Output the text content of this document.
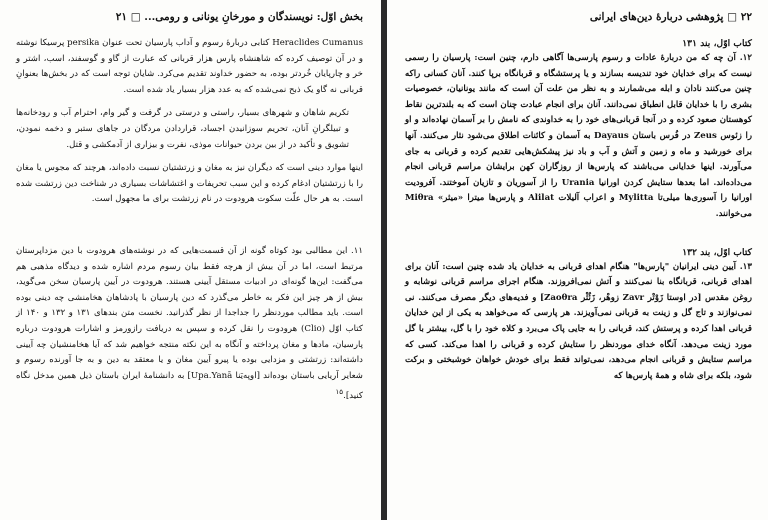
بخش اوّل: نویسندگان و مورخانِ یونانی و رومی... □ ۲۱

Heraclides Cumanus کتابی دربارهٔ رسوم و آداب پارسیان تحت عنوان persika پرسیکا نوشته و در آن توصیف کرده که شاهنشاه پارس هزار قربانی که عبارت از گاو و گوسفند، اسب، اشتر و خر و چارپایان خُردتر بوده، به حضور خداوند تقدیم می‌کرد. شایان توجه است که در بخش‌ها بعنوانِ قربانی نه گاو یک ذبح نمی‌شده که به عدد هزار بسیار یاد شده است.

تکریم شاهان و شهرهای بسیار، راستی و درستی در گرفت و گیر وام، احترام آب و رودخانه‌ها و تبیلگرانِ آنان، تحریم سوزانیدن اجساد، قراردادن مردگان در جاهای ستبر و دخمه نمودن، تشویق و تأکید در از بین بردن حیوانات موذی، نفرت و بیزاری از آدمکشی و قتل.

اینها موارد دینی است که دیگران نیز به مغان و زرتشتیان نسبت داده‌اند، هرچند که مجوس یا مغان را با زرتشتیان ادغام کرده و این سبب تحریفات و اغتشاشات بسیاری در شناخت دین زرتشت شده است. به هر حال علّت سکوت هرودوت در نام زرتشت برای ما مجهول است.

۱۱. این مطالبی بود کوتاه گونه از آن قسمت‌هایی که در نوشته‌های هرودوت با دین مزداپرستان مرتبط است، اما در آن بیش از هرچه فقط بیان رسوم مردم اشاره شده و دیدگاه مذهبی هم می‌گفت: این‌ها گونه‌ای در ادبیات مستقل آیینی هستند. هرودوت در آیین پارسیان سخن می‌گوید، بیش از هر چیز این فکر به خاطر می‌گذرد که دین پارسیان با پادشاهان هخامنشی چه دینی بوده است. باید مطالب موردنظر را جداجدا از نظر گذرانید. نخست متن بندهای ۱۳۱ و ۱۳۲ و ۱۴۰ از کتاب اوّل (Clio) هرودوت را نقل کرده و سپس به دریافت رازورمز و اشارات هرودوت درباره پارسیان، مادها و مغان پرداخته و آنگاه به این نکته منتجه خواهیم شد که آیا هخامنشیان چه آیینی داشته‌اند: زرتشتی و مزدایی بوده یا پیرو آیین مغان و یا معتقد به دین و به جا آورنده رسوم و شعایر آریایی باستان بوده‌اند [او‌په‌یَنا Upa.Yanā] به دانشنامهٔ ایران باستان ذیل همین مدخل نگاه کنید].$^{۱۵}$

۲۲ □ پژوهشی دربارهٔ دین‌های ایرانی

کتاب اوّل، بند ۱۳۱

۱۲. آن چه که من دربارهٔ عادات و رسوم پارسی‌ها آگاهی دارم، چنین است: پارسیان را رسمی نیست که برای خدایان خود تندیسه بسازند و یا پرستشگاه و قربانگاه برپا کنند. آنان کسانی راکه چنین می‌کنند نادان و ابله می‌شمارند و به نظر من علت آن است که مانند یونانیان، خصوصیات بشری را با خدایان قابل انطباق نمی‌دانند. آنان برای انجام عبادت چنان است که به بلندترین نقاط کوهستان صعود کرده و در آنجا قربانی‌های خود را به خداوندی که نامش را بر آسمان نهاده‌اند و او را زئوس Zeus در فُرس باستان Dayaus به آسمان و کائنات اطلاق می‌شود نثار می‌کنند. آنها برای خورشید و ماه و زمین و آتش و آب و باد نیز پیشکش‌هایی تقدیم کرده و قربانی به جای می‌آورند. اینها خدایانی می‌باشند که پارس‌ها از روزگاران کهن برایشان مراسم قربانی انجام می‌داده‌اند. اما بعدها ستایش کردن اورانیا Urania را از آسوریان و تازیان آموختند. آفرودیت اورانیا را آسوری‌ها میلی‌تا Mylitta و اعراب آلیلات Alilat و پارس‌ها میترا «میثر» Miθra می‌خوانند.

کتاب اوّل، بند ۱۳۲

۱۳. آیین دینی ایرانیان "پارس‌ها" هنگام اهدای قربانی به خدایان یاد شده چنین است: آنان برای اهدای قربانی، قربانگاه بنا نمی‌کنند و آتش نمی‌افروزند. هنگام اجرای مراسم قربانی نوشابه و روغن مقدس [در اوستا زَوْتْر Zavr زوهْر، زَئُثْر Zaoθra] و فدیه‌های دیگر مصرف می‌کنند. نی نمی‌نوازند و تاج گل و زینت به قربانی نمی‌آویزند. هر پارسی که می‌خواهد به یکی از این خدایان قربانی اهدا کرده و پرستش کند، قربانی را به جایی پاک می‌برد و کلاه خود را با گل، بیشتر با گل مورد زینت می‌دهد. آنگاه خدای موردنظر را ستایش کرده و قربانی را اهدا می‌کند. کسی که مراسم ستایش و قربانی انجام می‌دهد، نمی‌تواند فقط برای خودش خواهان خوشبختی و برکت شود، بلکه برای شاه و همهٔ پارس‌ها که
